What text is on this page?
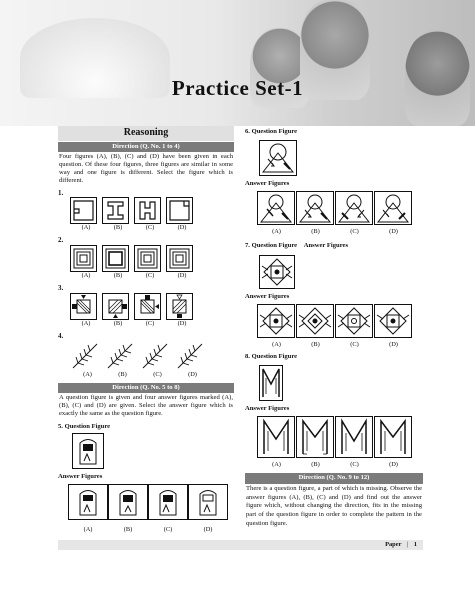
Practice Set-1
Reasoning
Direction (Q. No. 1 to 4)
Four figures (A), (B), (C) and (D) have been given in each question. Of these four figures, three figures are similar in some way and one figure is different. Select the figure which is different.
1.
(A)	(B)	(C)	(D)
2.
(A)	(B)	(C)	(D)
3.
(A)	(B)	(C)	(D)
4.
(A)	(B)	(C)	(D)
Direction (Q. No. 5 to 8)
A question figure is given and four answer figures marked (A), (B), (C) and (D) are given. Select the answer figure which is exactly the same as the question figure.
5. Question Figure
Answer Figures
(A)	(B)	(C)	(D)
6. Question Figure
Answer Figures
(A)	(B)	(C)	(D)
7. Question Figure Answer Figures
Answer Figures
(A)	(B)	(C)	(D)
8. Question Figure
Answer Figures
(A)	(B)	(C)	(D)
Direction (Q. No. 9 to 12)
There is a question figure, a part of which is missing. Observe the answer figures (A), (B), (C) and (D) and find out the answer figure which, without changing the direction, fits in the missing part of the question figure in order to complete the pattern in the question figure.
Paper | 1
